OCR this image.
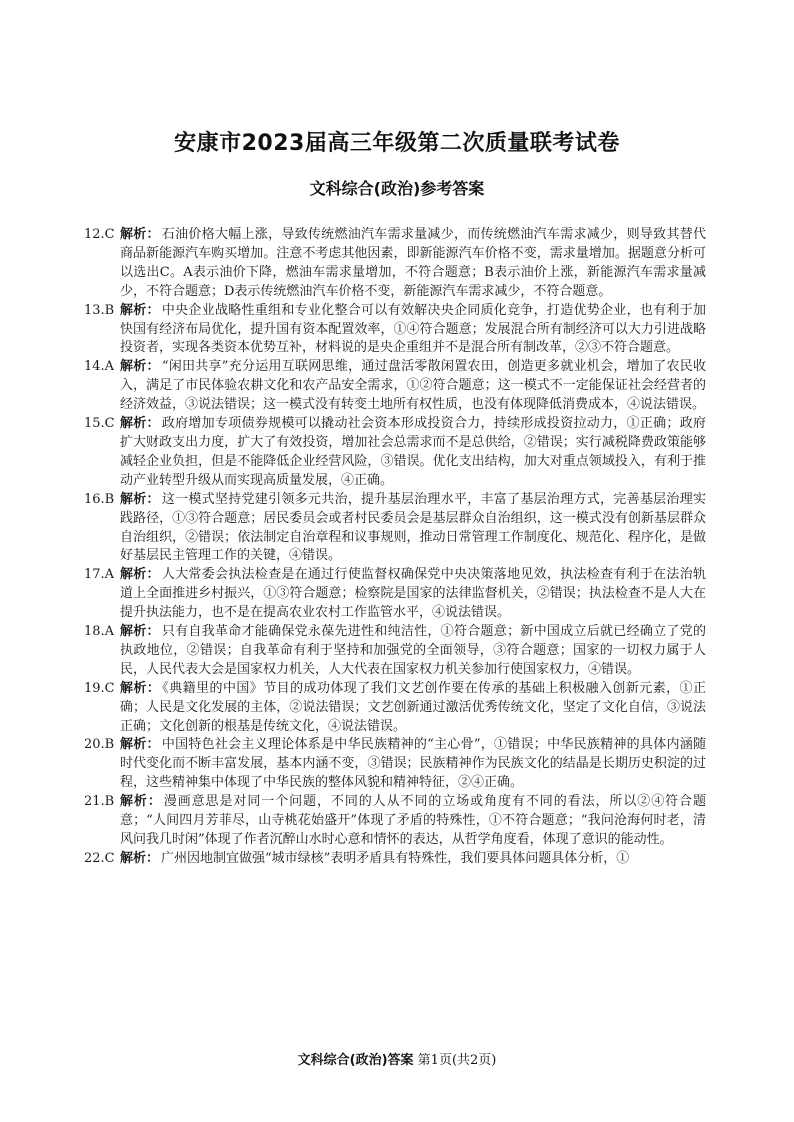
安康市2023届高三年级第二次质量联考试卷
文科综合(政治)参考答案

12.C 解析： 石油价格大幅上涨，导致传统燃油汽车需求量减少，而传统燃油汽车需求减少，则导致其替代商品新能源汽车购买增加。注意不考虑其他因素，即新能源汽车价格不变，需求量增加。据题意分析可以选出C。A表示油价下降，燃油车需求量增加，不符合题意；B表示油价上涨，新能源汽车需求量减少，不符合题意；D表示传统燃油汽车价格不变，新能源汽车需求减少，不符合题意。

13.B 解析： 中央企业战略性重组和专业化整合可以有效解决央企同质化竞争，打造优势企业，也有利于加快国有经济布局优化，提升国有资本配置效率，①④符合题意；发展混合所有制经济可以大力引进战略投资者，实现各类资本优势互补，材料说的是央企重组并不是混合所有制改革，②③不符合题意。

14.A 解析： “闲田共享”充分运用互联网思维，通过盘活零散闲置农田，创造更多就业机会，增加了农民收入，满足了市民体验农耕文化和农产品安全需求，①②符合题意；这一模式不一定能保证社会经营者的经济效益，③说法错误；这一模式没有转变土地所有权性质，也没有体现降低消费成本，④说法错误。

15.C 解析： 政府增加专项债券规模可以撬动社会资本形成投资合力，持续形成投资拉动力，①正确；政府扩大财政支出力度，扩大了有效投资，增加社会总需求而不是总供给，②错误；实行减税降费政策能够减轻企业负担，但是不能降低企业经营风险，③错误。优化支出结构，加大对重点领域投入，有利于推动产业转型升级从而实现高质量发展，④正确。

16.B 解析： 这一模式坚持党建引领多元共治，提升基层治理水平，丰富了基层治理方式，完善基层治理实践路径，①③符合题意；居民委员会或者村民委员会是基层群众自治组织，这一模式没有创新基层群众自治组织，②错误；依法制定自治章程和议事规则，推动日常管理工作制度化、规范化、程序化，是做好基层民主管理工作的关键，④错误。

17.A 解析： 人大常委会执法检查是在通过行使监督权确保党中央决策落地见效，执法检查有利于在法治轨道上全面推进乡村振兴，①③符合题意；检察院是国家的法律监督机关，②错误；执法检查不是人大在提升执法能力，也不是在提高农业农村工作监管水平，④说法错误。

18.A 解析： 只有自我革命才能确保党永葆先进性和纯洁性，①符合题意；新中国成立后就已经确立了党的执政地位，②错误；自我革命有利于坚持和加强党的全面领导，③符合题意；国家的一切权力属于人民，人民代表大会是国家权力机关，人大代表在国家权力机关参加行使国家权力，④错误。

19.C 解析： 《典籍里的中国》节目的成功体现了我们文艺创作要在传承的基础上积极融入创新元素，①正确；人民是文化发展的主体，②说法错误；文艺创新通过激活优秀传统文化，坚定了文化自信，③说法正确；文化创新的根基是传统文化，④说法错误。

20.B 解析： 中国特色社会主义理论体系是中华民族精神的“主心骨”，①错误；中华民族精神的具体内涵随时代变化而不断丰富发展，基本内涵不变，③错误；民族精神作为民族文化的结晶是长期历史积淀的过程，这些精神集中体现了中华民族的整体风貌和精神特征，②④正确。

21.B 解析： 漫画意思是对同一个问题，不同的人从不同的立场或角度有不同的看法，所以②④符合题意；“人间四月芳菲尽，山寺桃花始盛开”体现了矛盾的特殊性，①不符合题意；“我问沧海何时老，清风问我几时闲”体现了作者沉醉山水时心意和情怀的表达，从哲学角度看，体现了意识的能动性。

22.C 解析： 广州因地制宜做强“城市绿核”表明矛盾具有特殊性，我们要具体问题具体分析，①

文科综合(政治)答案 第1页(共2页)
